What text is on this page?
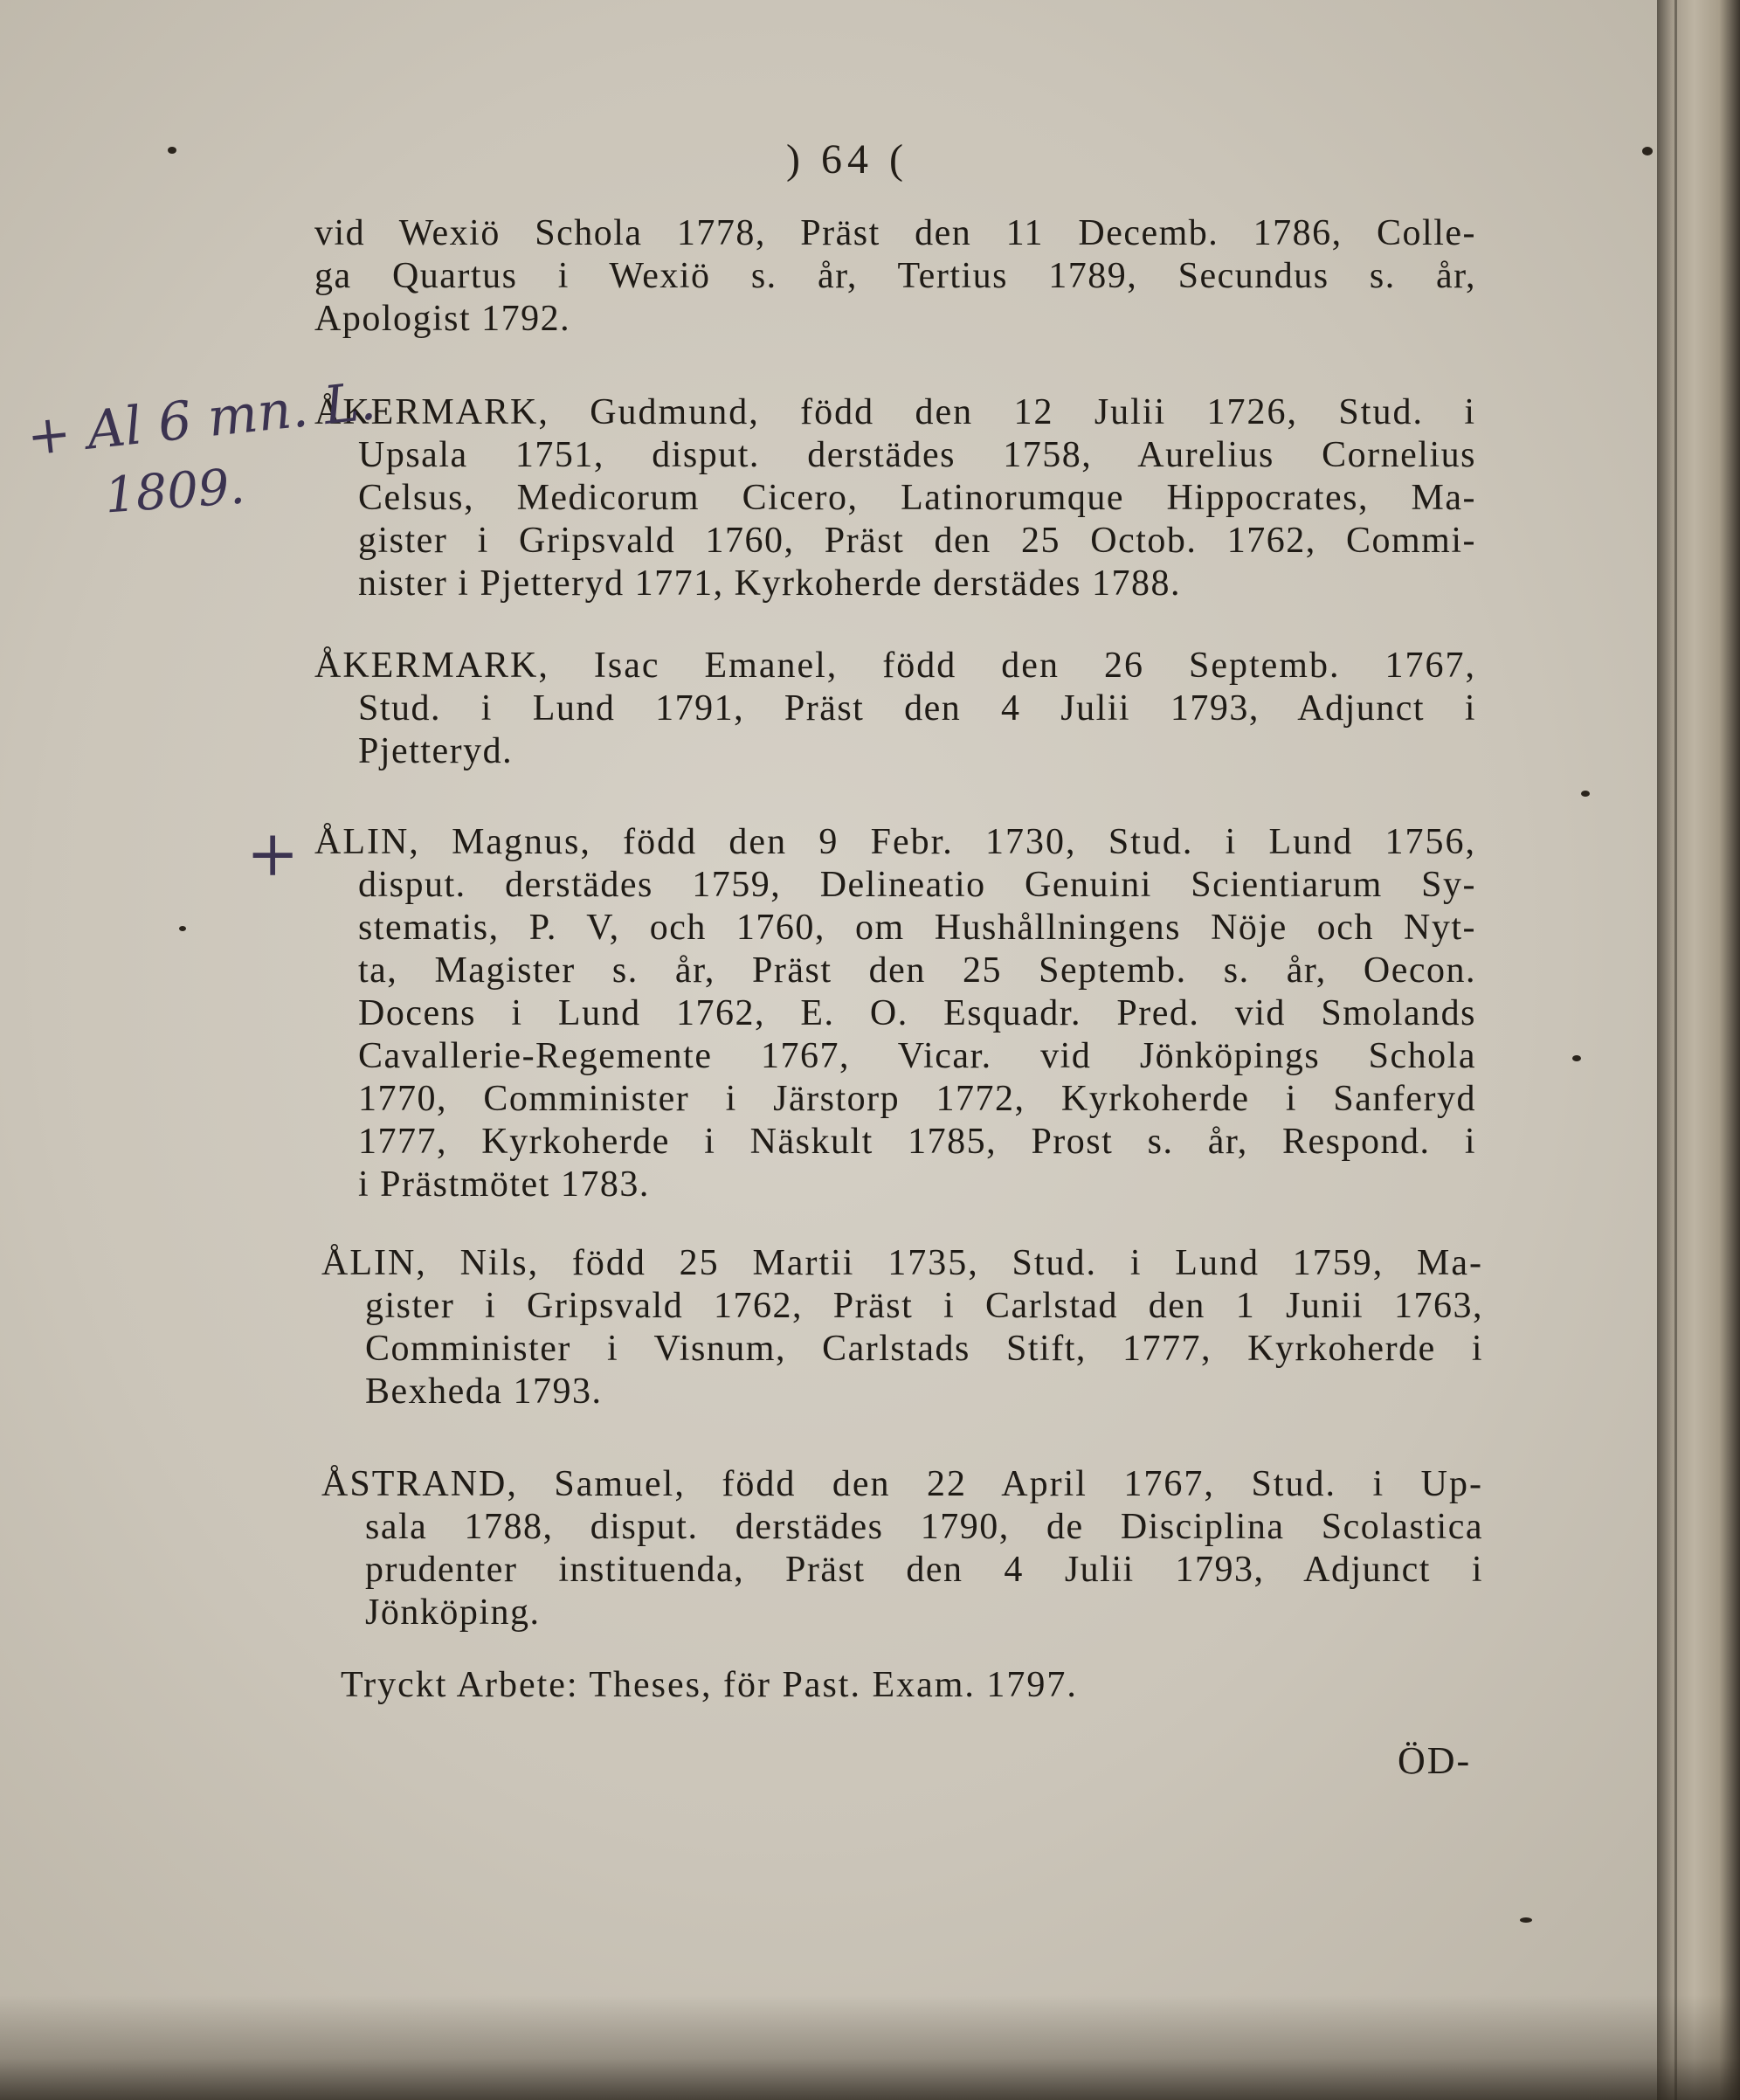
) 64 (
vid Wexiö Schola 1778, Präst den 11 Decemb. 1786, Colle-
ga Quartus i Wexiö s. år, Tertius 1789, Secundus s. år,
Apologist 1792.
ÅKERMARK, Gudmund, född den 12 Julii 1726, Stud. i
Upsala 1751, disput. derstädes 1758, Aurelius Cornelius
Celsus, Medicorum Cicero, Latinorumque Hippocrates, Ma-
gister i Gripsvald 1760, Präst den 25 Octob. 1762, Commi-
nister i Pjetteryd 1771, Kyrkoherde derstädes 1788.
ÅKERMARK, Isac Emanel, född den 26 Septemb. 1767,
Stud. i Lund 1791, Präst den 4 Julii 1793, Adjunct i
Pjetteryd.
ÅLIN, Magnus, född den 9 Febr. 1730, Stud. i Lund 1756,
disput. derstädes 1759, Delineatio Genuini Scientiarum Sy-
stematis, P. V, och 1760, om Hushållningens Nöje och Nyt-
ta, Magister s. år, Präst den 25 Septemb. s. år, Oecon.
Docens i Lund 1762, E. O. Esquadr. Pred. vid Smolands
Cavallerie-Regemente 1767, Vicar. vid Jönköpings Schola
1770, Comminister i Järstorp 1772, Kyrkoherde i Sanferyd
1777, Kyrkoherde i Näskult 1785, Prost s. år, Respond. i
i Prästmötet 1783.
ÅLIN, Nils, född 25 Martii 1735, Stud. i Lund 1759, Ma-
gister i Gripsvald 1762, Präst i Carlstad den 1 Junii 1763,
Comminister i Visnum, Carlstads Stift, 1777, Kyrkoherde i
Bexheda 1793.
ÅSTRAND, Samuel, född den 22 April 1767, Stud. i Up-
sala 1788, disput. derstädes 1790, de Disciplina Scolastica
prudenter instituenda, Präst den 4 Julii 1793, Adjunct i
Jönköping.
Tryckt Arbete: Theses, för Past. Exam. 1797.
ÖD-
+ Al 6 mn. L.
1809.
+
